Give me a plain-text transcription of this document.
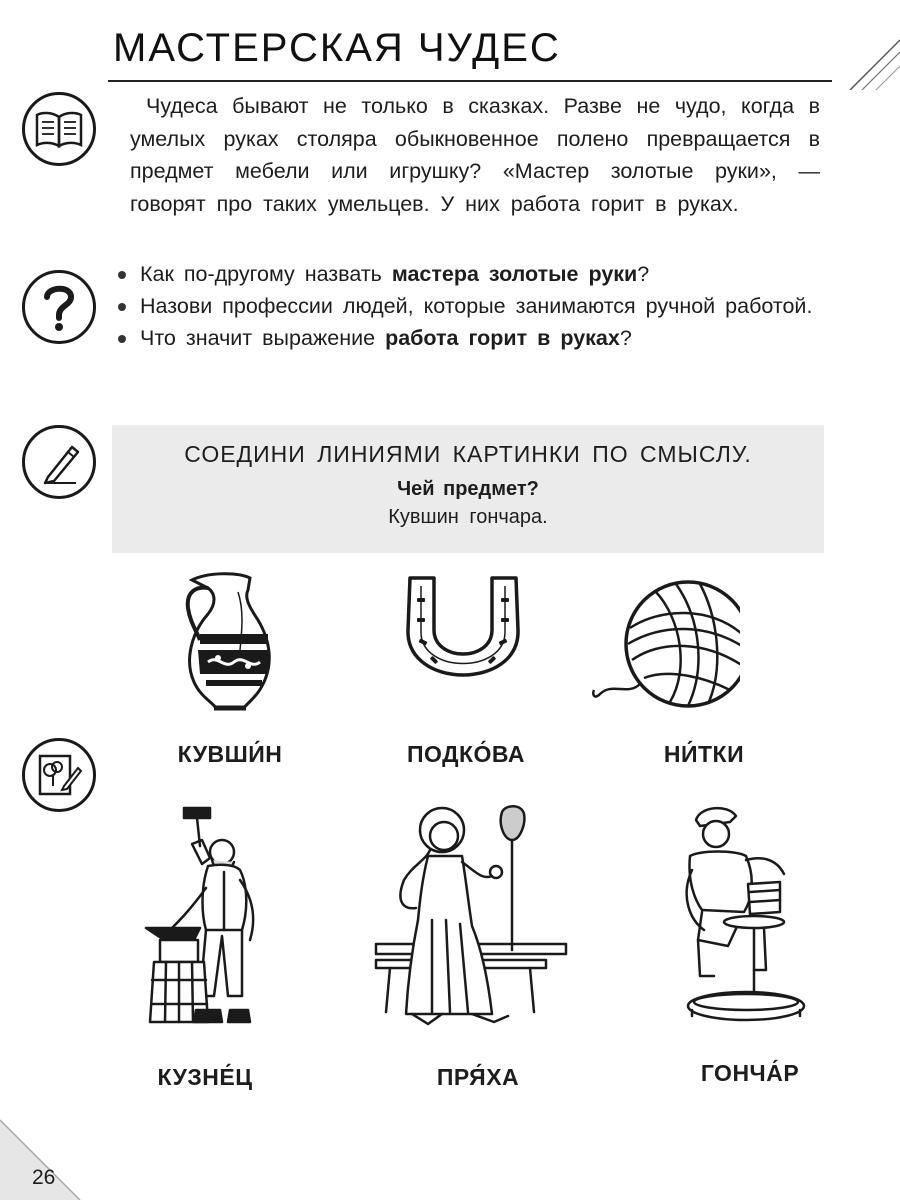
МАСТЕРСКАЯ ЧУДЕС
Чудеса бывают не только в сказках. Разве не чудо, когда в умелых руках столяра обыкновенное полено превращается в предмет мебели или игрушку? «Мастер золотые руки», — говорят про таких умельцев. У них работа горит в руках.
Как по-другому назвать мастера золотые руки?
Назови профессии людей, которые занимаются ручной работой.
Что значит выражение работа горит в руках?
СОЕДИНИ ЛИНИЯМИ КАРТИНКИ ПО СМЫСЛУ.
Чей предмет?
Кувшин гончара.
КУВШИ́Н	ПОДКО́ВА	НИ́ТКИ
КУЗНЕ́Ц	ПРЯ́ХА	ГОНЧА́Р
26
